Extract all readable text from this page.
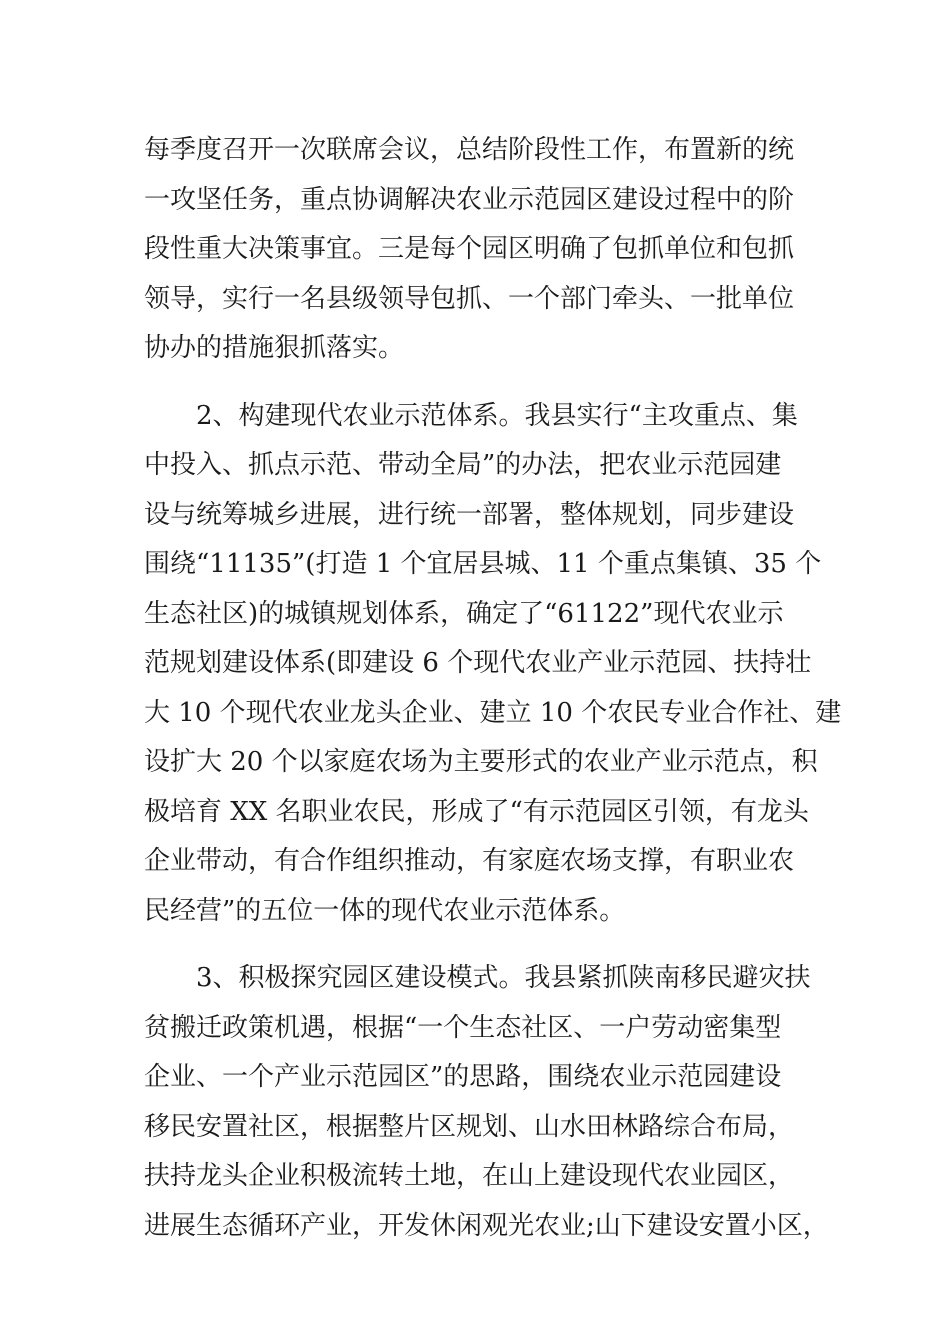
每季度召开一次联席会议，总结阶段性工作，布置新的统
一攻坚任务，重点协调解决农业示范园区建设过程中的阶
段性重大决策事宜。三是每个园区明确了包抓单位和包抓
领导，实行一名县级领导包抓、一个部门牵头、一批单位
协办的措施狠抓落实。
2、构建现代农业示范体系。我县实行“主攻重点、集
中投入、抓点示范、带动全局”的办法，把农业示范园建
设与统筹城乡进展，进行统一部署，整体规划，同步建设
围绕“11135”(打造 1 个宜居县城、11 个重点集镇、35 个
生态社区)的城镇规划体系，确定了“61122”现代农业示
范规划建设体系(即建设 6 个现代农业产业示范园、扶持壮
大 10 个现代农业龙头企业、建立 10 个农民专业合作社、建
设扩大 20 个以家庭农场为主要形式的农业产业示范点，积
极培育 XX 名职业农民，形成了“有示范园区引领，有龙头
企业带动，有合作组织推动，有家庭农场支撑，有职业农
民经营”的五位一体的现代农业示范体系。
3、积极探究园区建设模式。我县紧抓陕南移民避灾扶
贫搬迁政策机遇，根据“一个生态社区、一户劳动密集型
企业、一个产业示范园区”的思路，围绕农业示范园建设
移民安置社区，根据整片区规划、山水田林路综合布局，
扶持龙头企业积极流转土地，在山上建设现代农业园区，
进展生态循环产业，开发休闲观光农业;山下建设安置小区，
